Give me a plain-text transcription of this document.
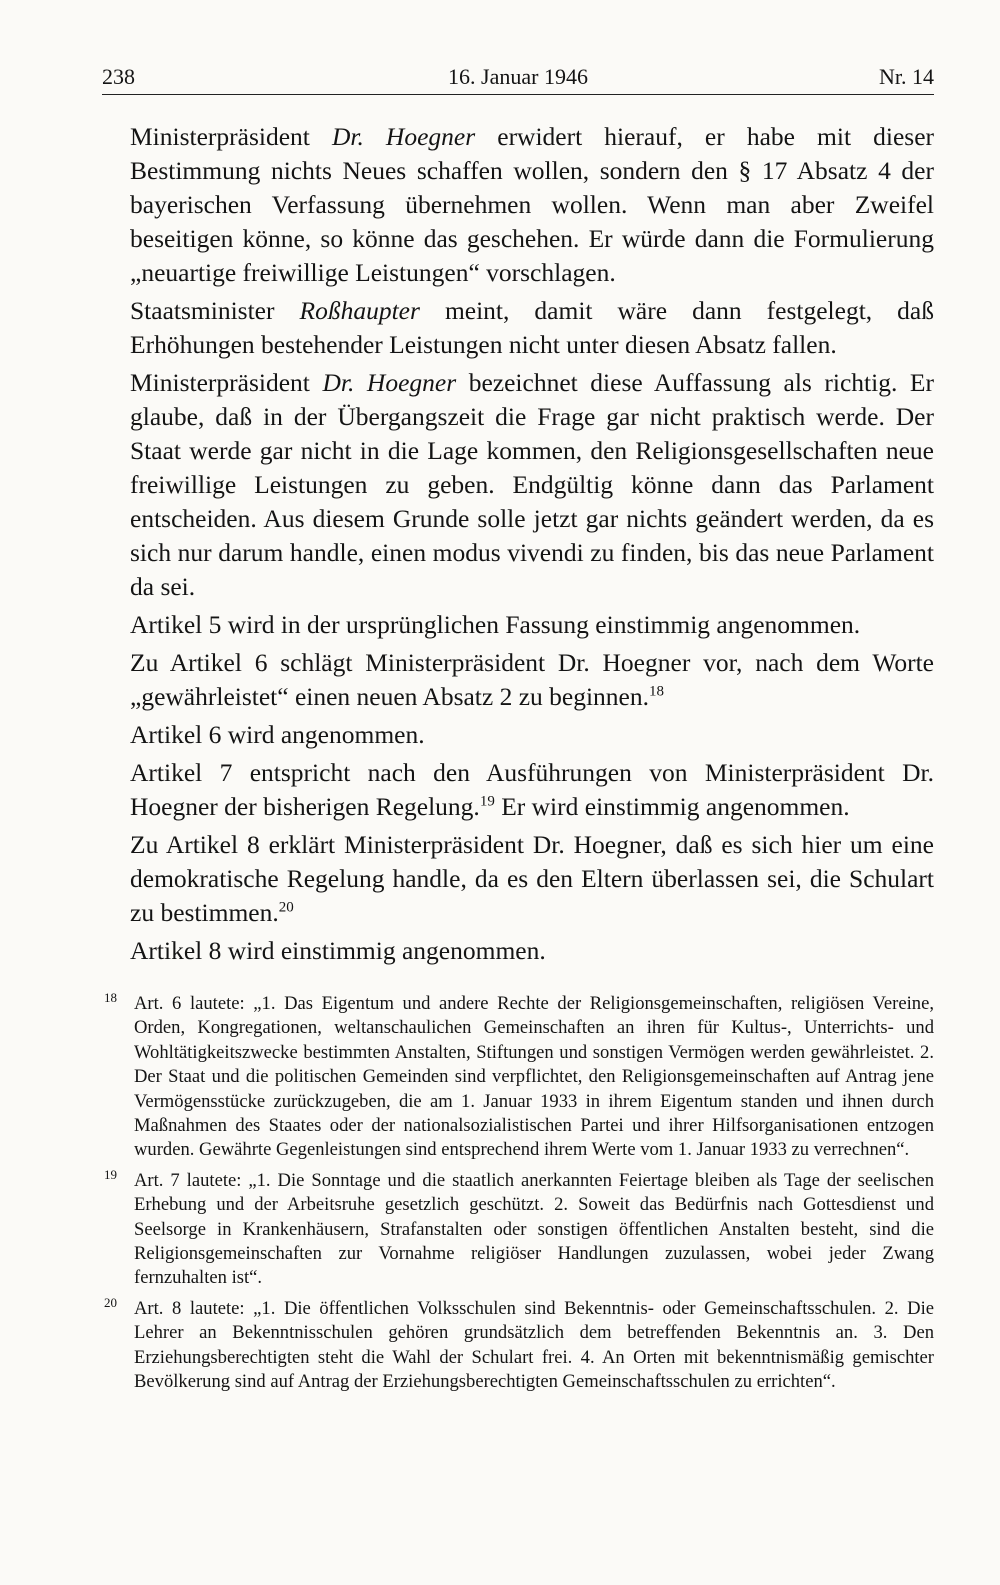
238	16. Januar 1946	Nr. 14

Ministerpräsident Dr. Hoegner erwidert hierauf, er habe mit dieser Bestimmung nichts Neues schaffen wollen, sondern den § 17 Absatz 4 der bayerischen Verfassung übernehmen wollen. Wenn man aber Zweifel beseitigen könne, so könne das geschehen. Er würde dann die Formulierung „neuartige freiwillige Leistungen“ vorschlagen.

Staatsminister Roßhaupter meint, damit wäre dann festgelegt, daß Erhöhungen bestehender Leistungen nicht unter diesen Absatz fallen.

Ministerpräsident Dr. Hoegner bezeichnet diese Auffassung als richtig. Er glaube, daß in der Übergangszeit die Frage gar nicht praktisch werde. Der Staat werde gar nicht in die Lage kommen, den Religionsgesellschaften neue freiwillige Leistungen zu geben. Endgültig könne dann das Parlament entscheiden. Aus diesem Grunde solle jetzt gar nichts geändert werden, da es sich nur darum handle, einen modus vivendi zu finden, bis das neue Parlament da sei.

Artikel 5 wird in der ursprünglichen Fassung einstimmig angenommen.

Zu Artikel 6 schlägt Ministerpräsident Dr. Hoegner vor, nach dem Worte „gewährleistet“ einen neuen Absatz 2 zu beginnen.$^{18}$

Artikel 6 wird angenommen.

Artikel 7 entspricht nach den Ausführungen von Ministerpräsident Dr. Hoegner der bisherigen Regelung.$^{19}$ Er wird einstimmig angenommen.

Zu Artikel 8 erklärt Ministerpräsident Dr. Hoegner, daß es sich hier um eine demokratische Regelung handle, da es den Eltern überlassen sei, die Schulart zu bestimmen.$^{20}$

Artikel 8 wird einstimmig angenommen.

18 Art. 6 lautete: „1. Das Eigentum und andere Rechte der Religionsgemeinschaften, religiösen Vereine, Orden, Kongregationen, weltanschaulichen Gemeinschaften an ihren für Kultus-, Unterrichts- und Wohltätigkeitszwecke bestimmten Anstalten, Stiftungen und sonstigen Vermögen werden gewährleistet. 2. Der Staat und die politischen Gemeinden sind verpflichtet, den Religionsgemeinschaften auf Antrag jene Vermögensstücke zurückzugeben, die am 1. Januar 1933 in ihrem Eigentum standen und ihnen durch Maßnahmen des Staates oder der nationalsozialistischen Partei und ihrer Hilfsorganisationen entzogen wurden. Gewährte Gegenleistungen sind entsprechend ihrem Werte vom 1. Januar 1933 zu verrechnen“.
19 Art. 7 lautete: „1. Die Sonntage und die staatlich anerkannten Feiertage bleiben als Tage der seelischen Erhebung und der Arbeitsruhe gesetzlich geschützt. 2. Soweit das Bedürfnis nach Gottesdienst und Seelsorge in Krankenhäusern, Strafanstalten oder sonstigen öffentlichen Anstalten besteht, sind die Religionsgemeinschaften zur Vornahme religiöser Handlungen zuzulassen, wobei jeder Zwang fernzuhalten ist“.
20 Art. 8 lautete: „1. Die öffentlichen Volksschulen sind Bekenntnis- oder Gemeinschaftsschulen. 2. Die Lehrer an Bekenntnisschulen gehören grundsätzlich dem betreffenden Bekenntnis an. 3. Den Erziehungsberechtigten steht die Wahl der Schulart frei. 4. An Orten mit bekenntnismäßig gemischter Bevölkerung sind auf Antrag der Erziehungsberechtigten Gemeinschaftsschulen zu errichten“.
